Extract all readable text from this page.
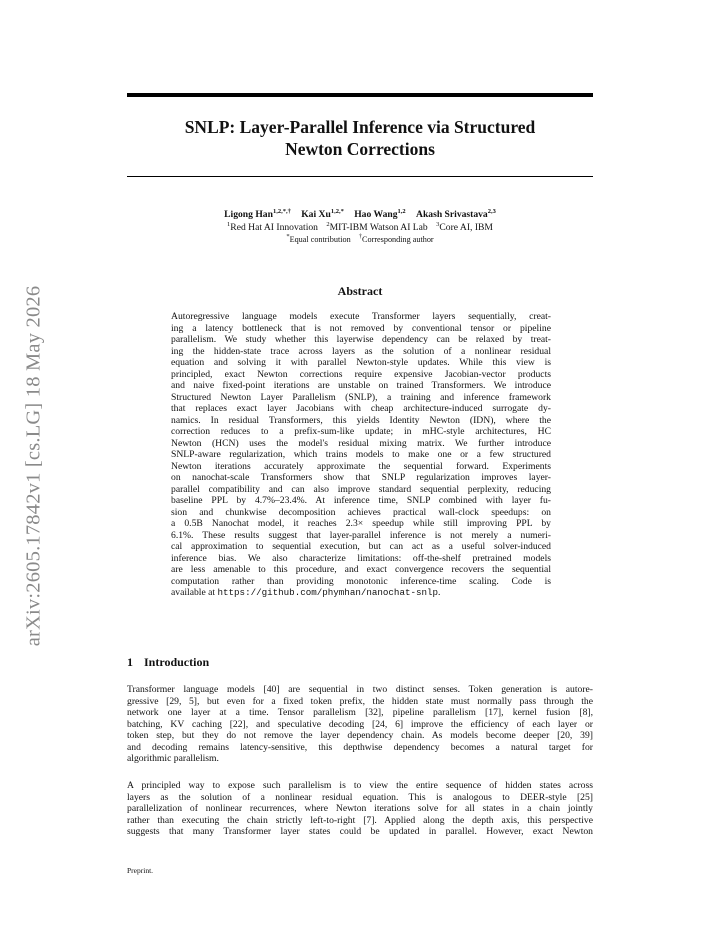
SNLP: Layer-Parallel Inference via Structured
Newton Corrections
Ligong Han$^{1,2,*,\dagger}$ Kai $Xu^{1,2,*}$ Hao Wang$^{1,2}$ Akash Srivastava$^{2,3}$
$^1$Red Hat AI Innovation $^2$MIT-IBM Watson AI Lab $^3$Core AI, IBM
*Equal contribution †Corresponding author
Abstract
Autoregressive language models execute Transformer layers sequentially, creat-
ing a latency bottleneck that is not removed by conventional tensor or pipeline
parallelism. We study whether this layerwise dependency can be relaxed by treat-
ing the hidden-state trace across layers as the solution of a nonlinear residual
equation and solving it with parallel Newton-style updates. While this view is
principled, exact Newton corrections require expensive Jacobian-vector products
and naive fixed-point iterations are unstable on trained Transformers. We introduce
Structured Newton Layer Parallelism (SNLP), a training and inference framework
that replaces exact layer Jacobians with cheap architecture-induced surrogate dy-
namics. In residual Transformers, this yields Identity Newton (IDN), where the
correction reduces to a prefix-sum-like update; in mHC-style architectures, HC
Newton (HCN) uses the model's residual mixing matrix. We further introduce
SNLP-aware regularization, which trains models to make one or a few structured
Newton iterations accurately approximate the sequential forward. Experiments
on nanochat-scale Transformers show that SNLP regularization improves layer-
parallel compatibility and can also improve standard sequential perplexity, reducing
baseline PPL by 4.7%–23.4%. At inference time, SNLP combined with layer fu-
sion and chunkwise decomposition achieves practical wall-clock speedups: on
a 0.5B Nanochat model, it reaches 2.3× speedup while still improving PPL by
6.1%. These results suggest that layer-parallel inference is not merely a numeri-
cal approximation to sequential execution, but can act as a useful solver-induced
inference bias. We also characterize limitations: off-the-shelf pretrained models
are less amenable to this procedure, and exact convergence recovers the sequential
computation rather than providing monotonic inference-time scaling. Code is
available at https://github.com/phymhan/nanochat-snlp.
1 Introduction
Transformer language models [40] are sequential in two distinct senses. Token generation is autore-
gressive [29, 5], but even for a fixed token prefix, the hidden state must normally pass through the
network one layer at a time. Tensor parallelism [32], pipeline parallelism [17], kernel fusion [8],
batching, KV caching [22], and speculative decoding [24, 6] improve the efficiency of each layer or
token step, but they do not remove the layer dependency chain. As models become deeper [20, 39]
and decoding remains latency-sensitive, this depthwise dependency becomes a natural target for
algorithmic parallelism.
A principled way to expose such parallelism is to view the entire sequence of hidden states across
layers as the solution of a nonlinear residual equation. This is analogous to DEER-style [25]
parallelization of nonlinear recurrences, where Newton iterations solve for all states in a chain jointly
rather than executing the chain strictly left-to-right [7]. Applied along the depth axis, this perspective
suggests that many Transformer layer states could be updated in parallel. However, exact Newton
Preprint.
arXiv:2605.17842v1 [cs.LG] 18 May 2026
